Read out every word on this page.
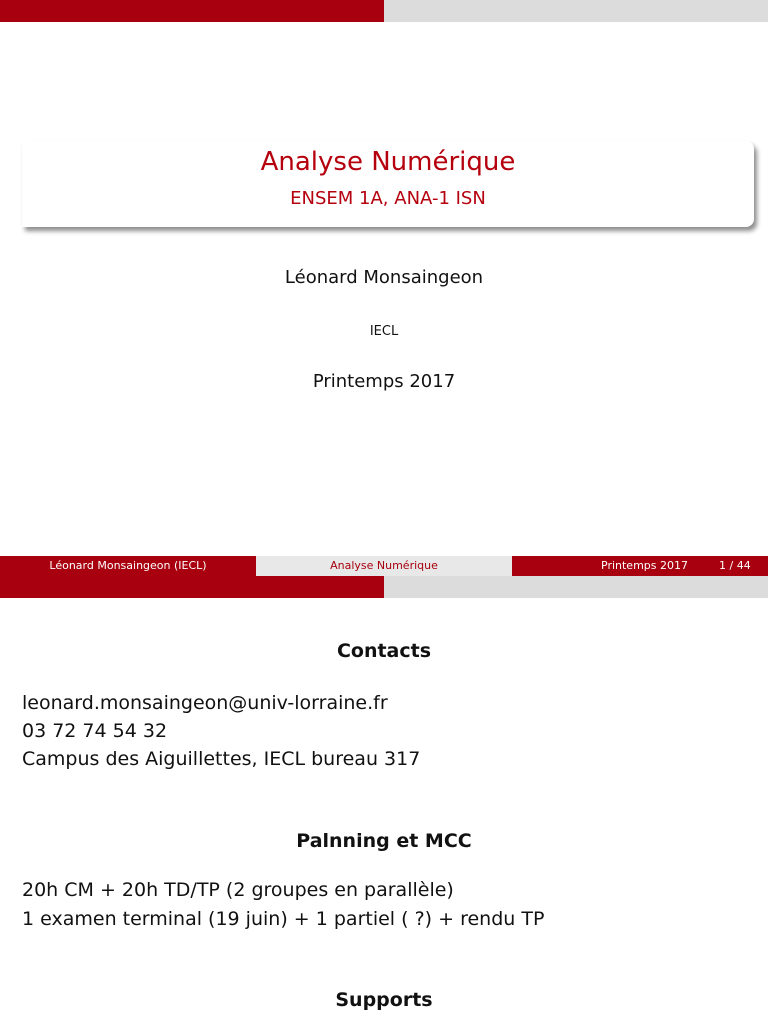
Analyse Numérique
ENSEM 1A, ANA-1 ISN
Léonard Monsaingeon
IECL
Printemps 2017
Léonard Monsaingeon (IECL)	Analyse Numérique	Printemps 2017	1 / 44
Contacts
leonard.monsaingeon@univ-lorraine.fr
03 72 74 54 32
Campus des Aiguillettes, IECL bureau 317
Palnning et MCC
20h CM + 20h TD/TP (2 groupes en parallèle)
1 examen terminal (19 juin) + 1 partiel ( ?) + rendu TP
Supports
